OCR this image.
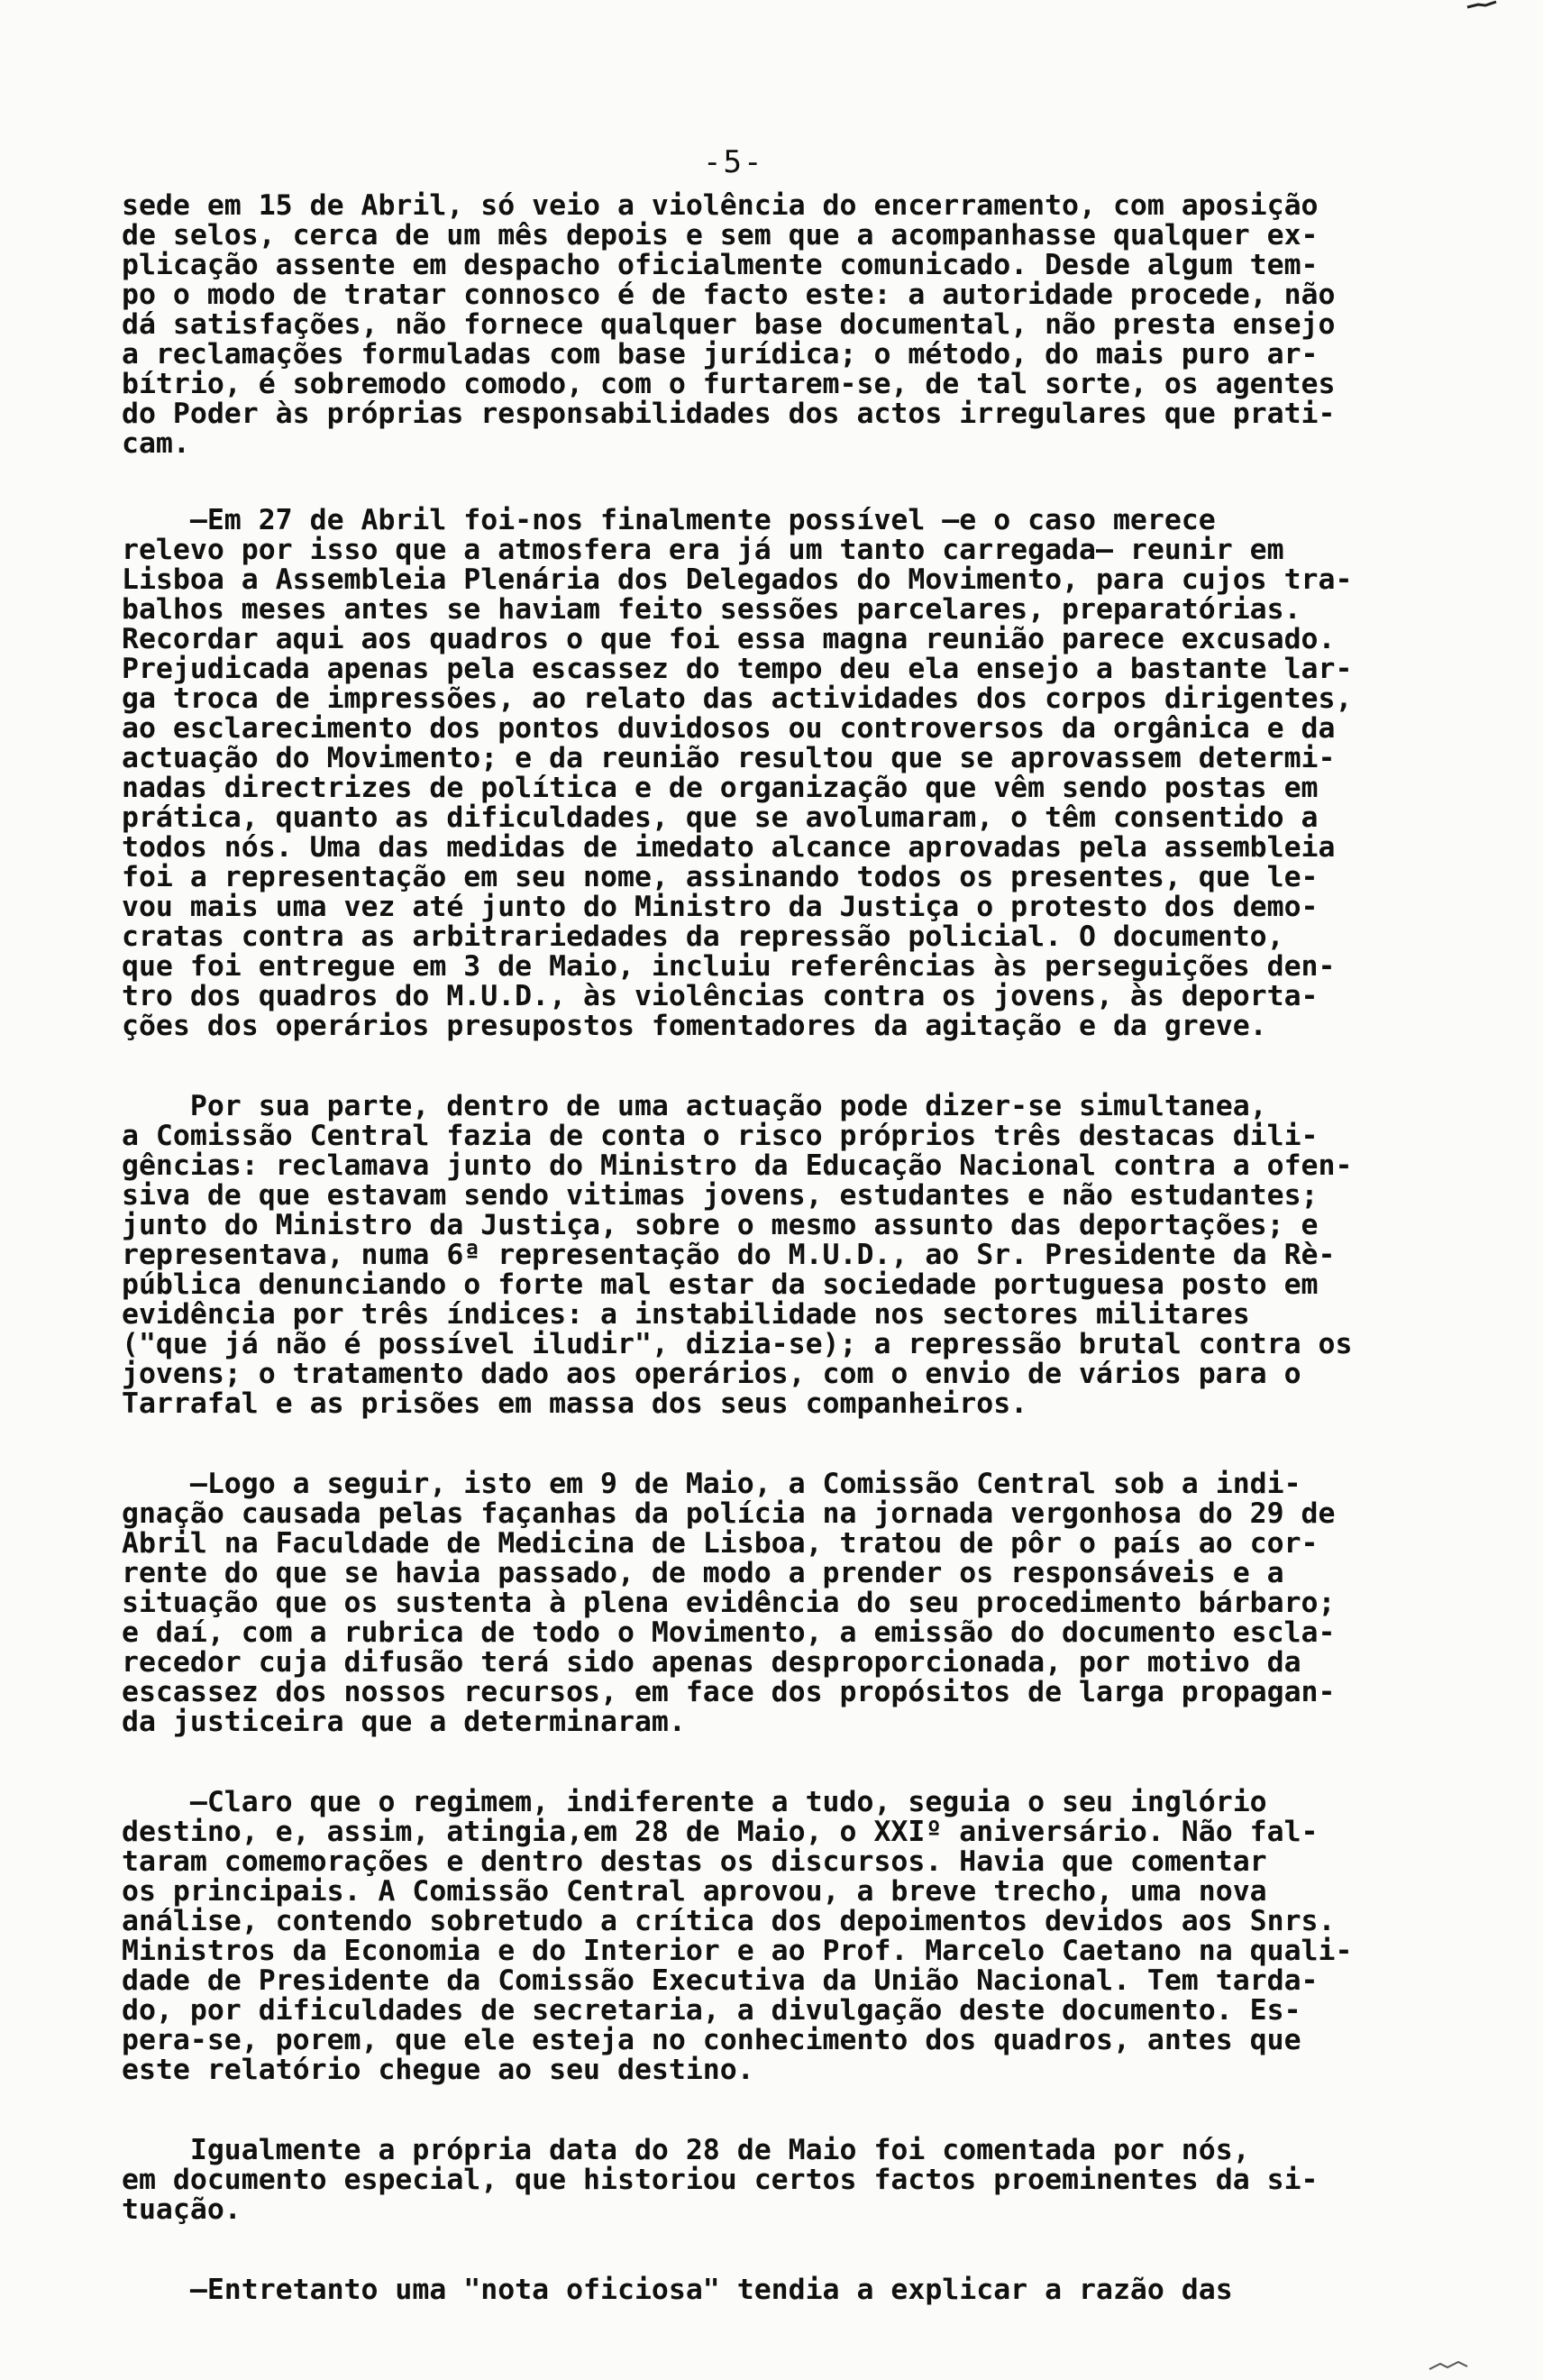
-5-
sede em 15 de Abril, só veio a violência do encerramento, com aposição
de selos, cerca de um mês depois e sem que a acompanhasse qualquer ex-
plicação assente em despacho oficialmente comunicado. Desde algum tem-
po o modo de tratar connosco é de facto este: a autoridade procede, não
dá satisfações, não fornece qualquer base documental, não presta ensejo
a reclamações formuladas com base jurídica; o método, do mais puro ar-
bítrio, é sobremodo comodo, com o furtarem-se, de tal sorte, os agentes
do Poder às próprias responsabilidades dos actos irregulares que prati-
cam.
—Em 27 de Abril foi-nos finalmente possível —e o caso merece
relevo por isso que a atmosfera era já um tanto carregada— reunir em
Lisboa a Assembleia Plenária dos Delegados do Movimento, para cujos tra-
balhos meses antes se haviam feito sessões parcelares, preparatórias.
Recordar aqui aos quadros o que foi essa magna reunião parece excusado.
Prejudicada apenas pela escassez do tempo deu ela ensejo a bastante lar-
ga troca de impressões, ao relato das actividades dos corpos dirigentes,
ao esclarecimento dos pontos duvidosos ou controversos da orgânica e da
actuação do Movimento; e da reunião resultou que se aprovassem determi-
nadas directrizes de política e de organização que vêm sendo postas em
prática, quanto as dificuldades, que se avolumaram, o têm consentido a
todos nós. Uma das medidas de imedato alcance aprovadas pela assembleia
foi a representação em seu nome, assinando todos os presentes, que le-
vou mais uma vez até junto do Ministro da Justiça o protesto dos demo-
cratas contra as arbitrariedades da repressão policial. O documento,
que foi entregue em 3 de Maio, incluiu referências às perseguições den-
tro dos quadros do M.U.D., às violências contra os jovens, às deporta-
ções dos operários presupostos fomentadores da agitação e da greve.
Por sua parte, dentro de uma actuação pode dizer-se simultanea,
a Comissão Central fazia de conta o risco próprios três destacas dili-
gências: reclamava junto do Ministro da Educação Nacional contra a ofen-
siva de que estavam sendo vitimas jovens, estudantes e não estudantes;
junto do Ministro da Justiça, sobre o mesmo assunto das deportações; e
representava, numa 6ª representação do M.U.D., ao Sr. Presidente da Rè-
pública denunciando o forte mal estar da sociedade portuguesa posto em
evidência por três índices: a instabilidade nos sectores militares
("que já não é possível iludir", dizia-se); a repressão brutal contra os
jovens; o tratamento dado aos operários, com o envio de vários para o
Tarrafal e as prisões em massa dos seus companheiros.
—Logo a seguir, isto em 9 de Maio, a Comissão Central sob a indi-
gnação causada pelas façanhas da polícia na jornada vergonhosa do 29 de
Abril na Faculdade de Medicina de Lisboa, tratou de pôr o país ao cor-
rente do que se havia passado, de modo a prender os responsáveis e a
situação que os sustenta à plena evidência do seu procedimento bárbaro;
e daí, com a rubrica de todo o Movimento, a emissão do documento escla-
recedor cuja difusão terá sido apenas desproporcionada, por motivo da
escassez dos nossos recursos, em face dos propósitos de larga propagan-
da justiceira que a determinaram.
—Claro que o regimem, indiferente a tudo, seguia o seu inglório
destino, e, assim, atingia,em 28 de Maio, o XXIº aniversário. Não fal-
taram comemorações e dentro destas os discursos. Havia que comentar
os principais. A Comissão Central aprovou, a breve trecho, uma nova
análise, contendo sobretudo a crítica dos depoimentos devidos aos Snrs.
Ministros da Economia e do Interior e ao Prof. Marcelo Caetano na quali-
dade de Presidente da Comissão Executiva da União Nacional. Tem tarda-
do, por dificuldades de secretaria, a divulgação deste documento. Es-
pera-se, porem, que ele esteja no conhecimento dos quadros, antes que
este relatório chegue ao seu destino.
Igualmente a própria data do 28 de Maio foi comentada por nós,
em documento especial, que historiou certos factos proeminentes da si-
tuação.
—Entretanto uma "nota oficiosa" tendia a explicar a razão das
